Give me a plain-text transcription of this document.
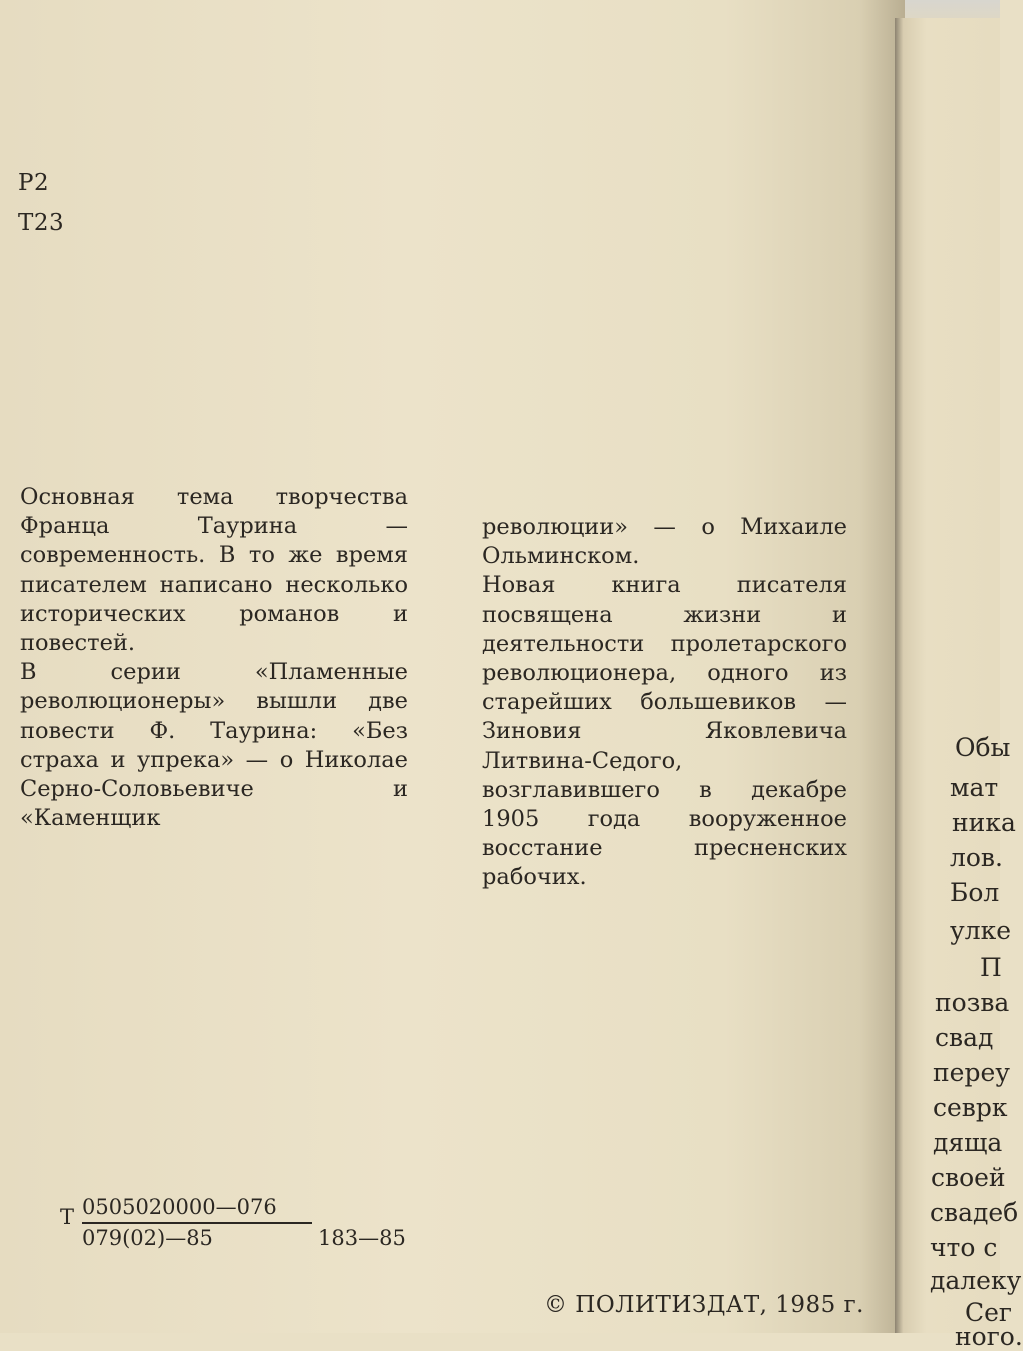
Обы
мат
ника
лов.
Бол
улке
П
позва
свад
переу
севрк
дяща
своей
свадеб
что с
далеку
Сег
ного.
Р2
Т23

Основная тема творчества Франца Таурина — современность. В то же время писателем написано несколько исторических романов и повестей.

В серии «Пламенные революционеры» вышли две повести Ф. Таурина: «Без страха и упрека» — о Николае Серно-Соловьевиче и «Каменщик

революции» — о Михаиле Ольминском.

Новая книга писателя посвящена жизни и деятельности пролетарского революционера, одного из старейших большевиков — Зиновия Яковлевича Литвина-Седого, возглавившего в декабре 1905 года вооруженное восстание пресненских рабочих.

Т 0505020000—076
079(02)—85	183—85
© ПОЛИТИЗДАТ, 1985 г.
